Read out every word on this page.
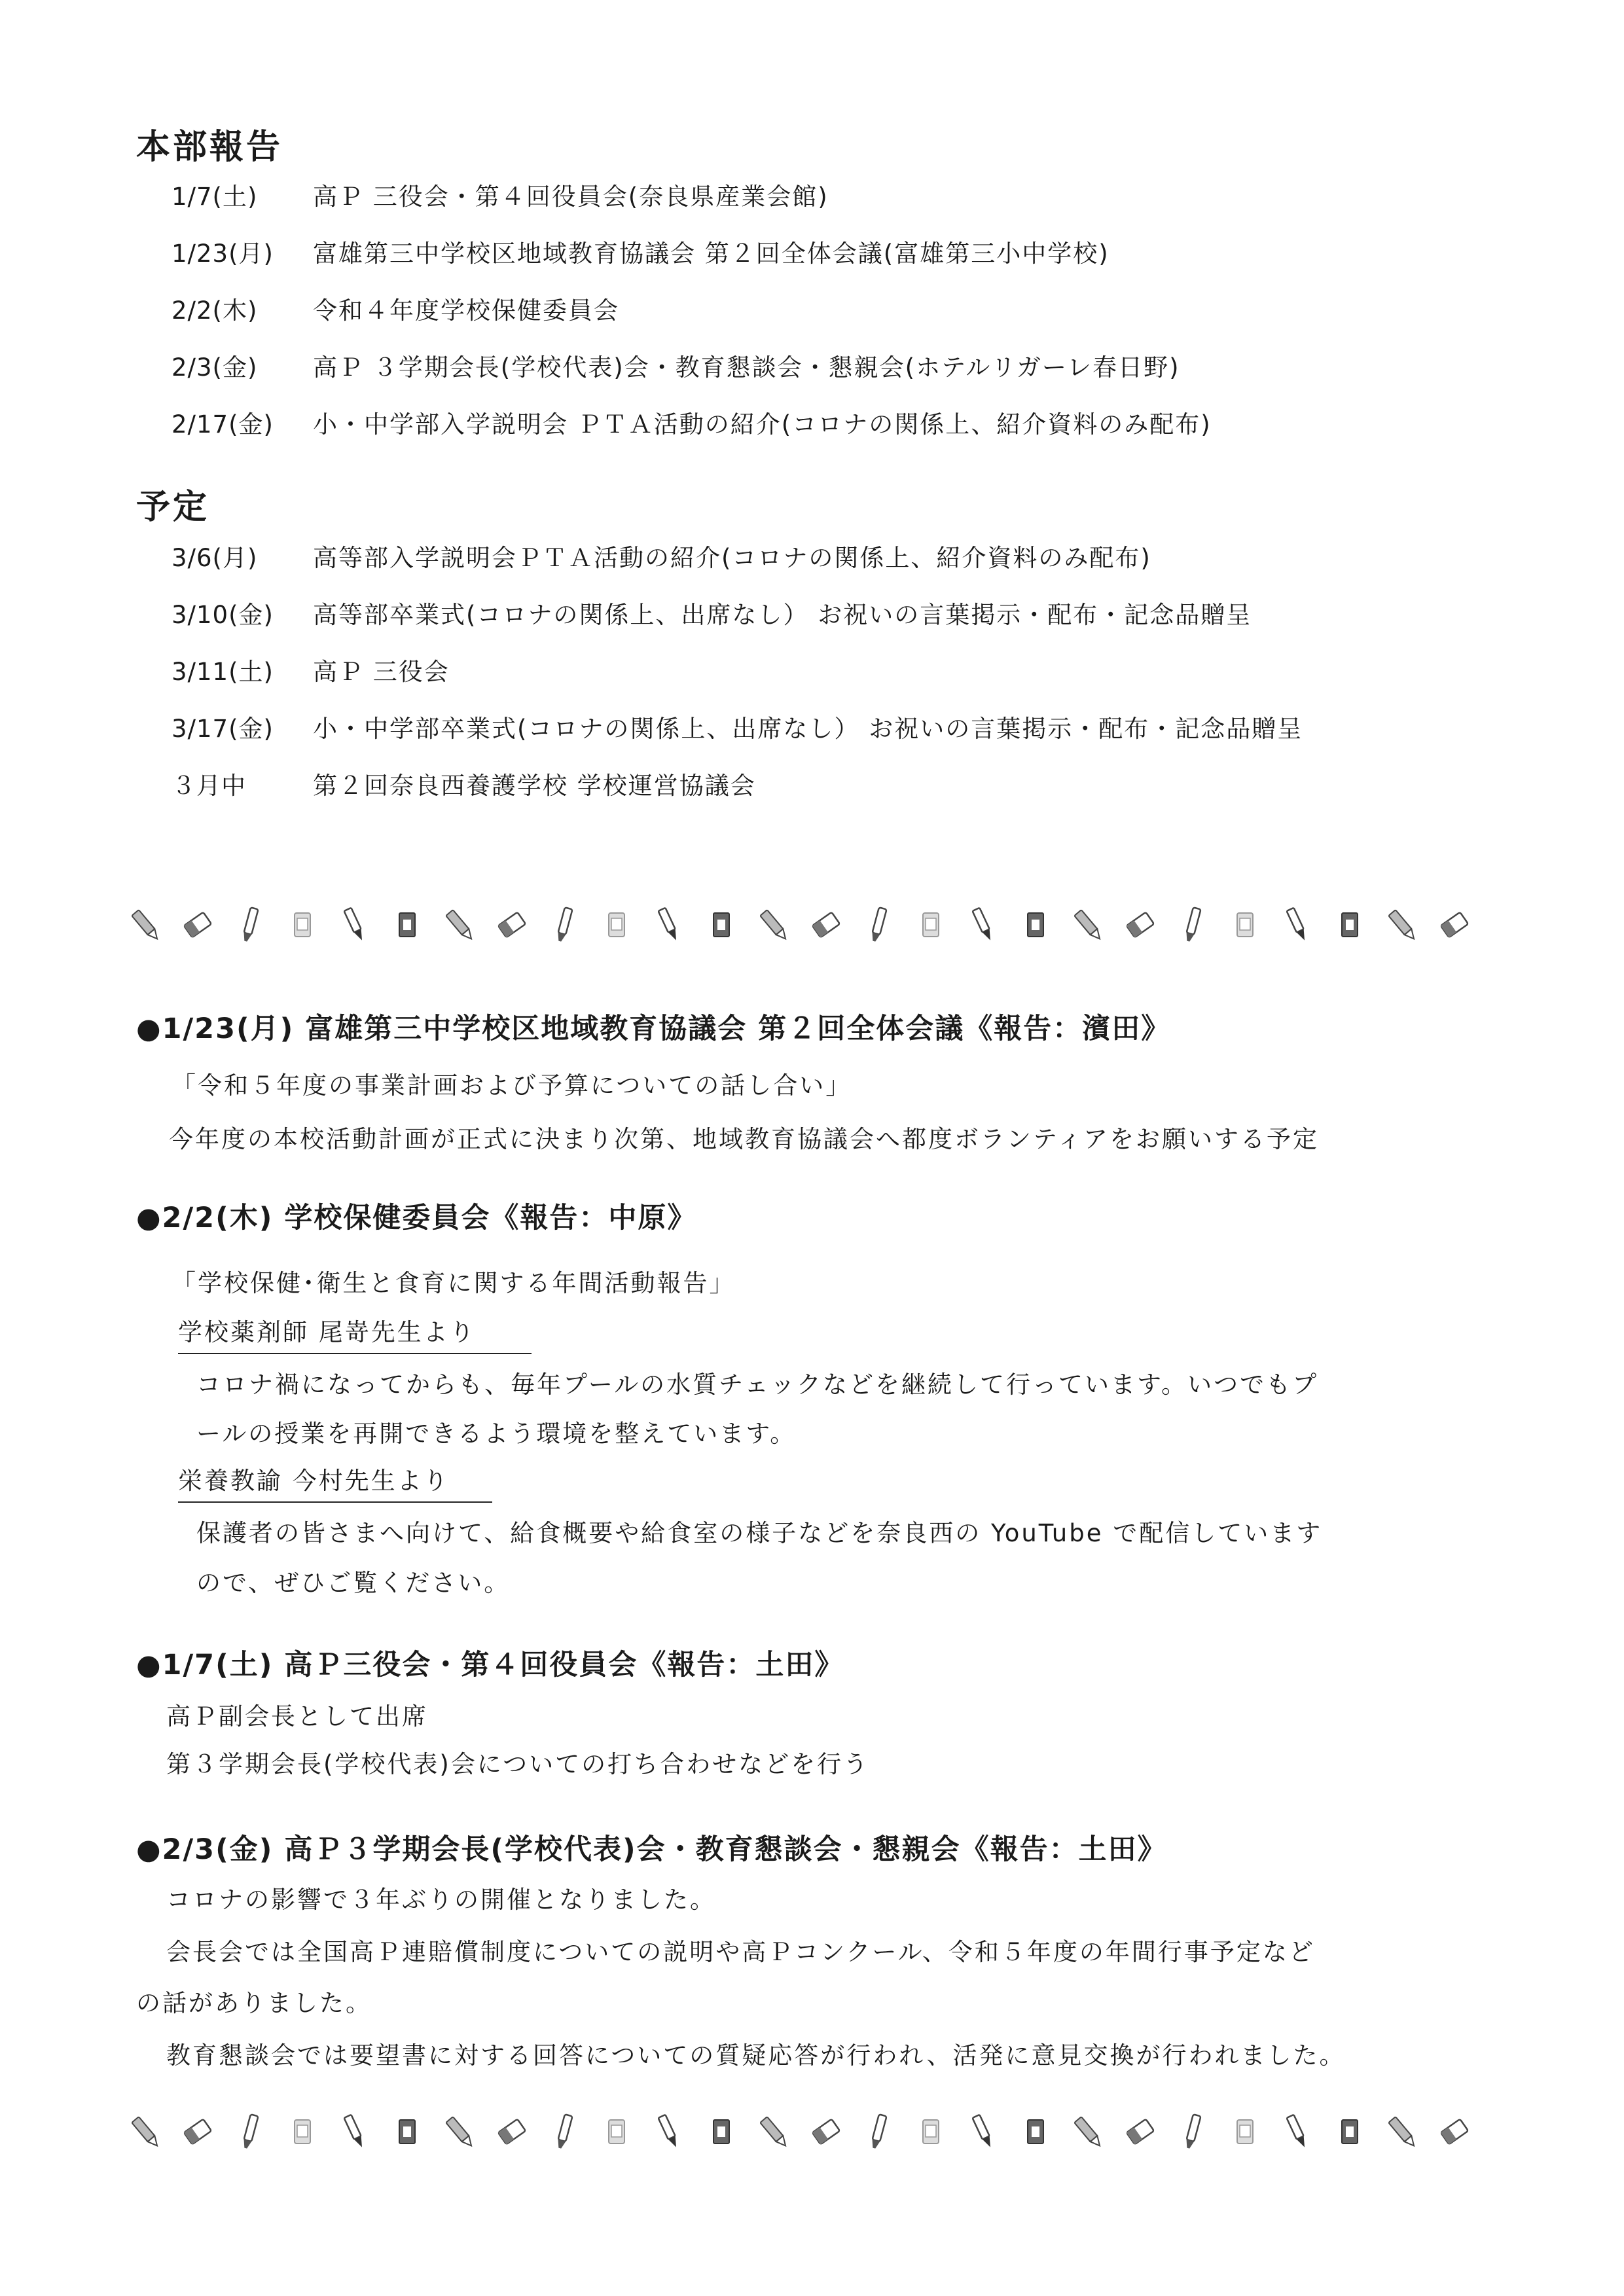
本部報告
1/7(土) 高Ｐ 三役会・第４回役員会(奈良県産業会館)
1/23(月) 富雄第三中学校区地域教育協議会 第２回全体会議(富雄第三小中学校)
2/2(木) 令和４年度学校保健委員会
2/3(金) 高Ｐ ３学期会長(学校代表)会・教育懇談会・懇親会(ホテルリガーレ春日野)
2/17(金) 小・中学部入学説明会 ＰＴＡ活動の紹介(コロナの関係上、紹介資料のみ配布)
予定
3/6(月) 高等部入学説明会ＰＴＡ活動の紹介(コロナの関係上、紹介資料のみ配布)
3/10(金) 高等部卒業式(コロナの関係上、出席なし） お祝いの言葉掲示・配布・記念品贈呈
3/11(土) 高Ｐ 三役会
3/17(金) 小・中学部卒業式(コロナの関係上、出席なし） お祝いの言葉掲示・配布・記念品贈呈
３月中	第２回奈良西養護学校 学校運営協議会
●1/23(月) 富雄第三中学校区地域教育協議会 第２回全体会議《報告：濱田》
「令和５年度の事業計画および予算についての話し合い」
今年度の本校活動計画が正式に決まり次第、地域教育協議会へ都度ボランティアをお願いする予定
●2/2(木) 学校保健委員会《報告：中原》
「学校保健･衛生と食育に関する年間活動報告」
学校薬剤師 尾嵜先生より
コロナ禍になってからも、毎年プールの水質チェックなどを継続して行っています。いつでもプ
ールの授業を再開できるよう環境を整えています。
栄養教諭 今村先生より
保護者の皆さまへ向けて、給食概要や給食室の様子などを奈良西の YouTube で配信しています
ので、ぜひご覧ください。
●1/7(土) 高Ｐ三役会・第４回役員会《報告：土田》
高Ｐ副会長として出席
第３学期会長(学校代表)会についての打ち合わせなどを行う
●2/3(金) 高Ｐ３学期会長(学校代表)会・教育懇談会・懇親会《報告：土田》
コロナの影響で３年ぶりの開催となりました。
会長会では全国高Ｐ連賠償制度についての説明や高Ｐコンクール、令和５年度の年間行事予定など
の話がありました。
教育懇談会では要望書に対する回答についての質疑応答が行われ、活発に意見交換が行われました。
